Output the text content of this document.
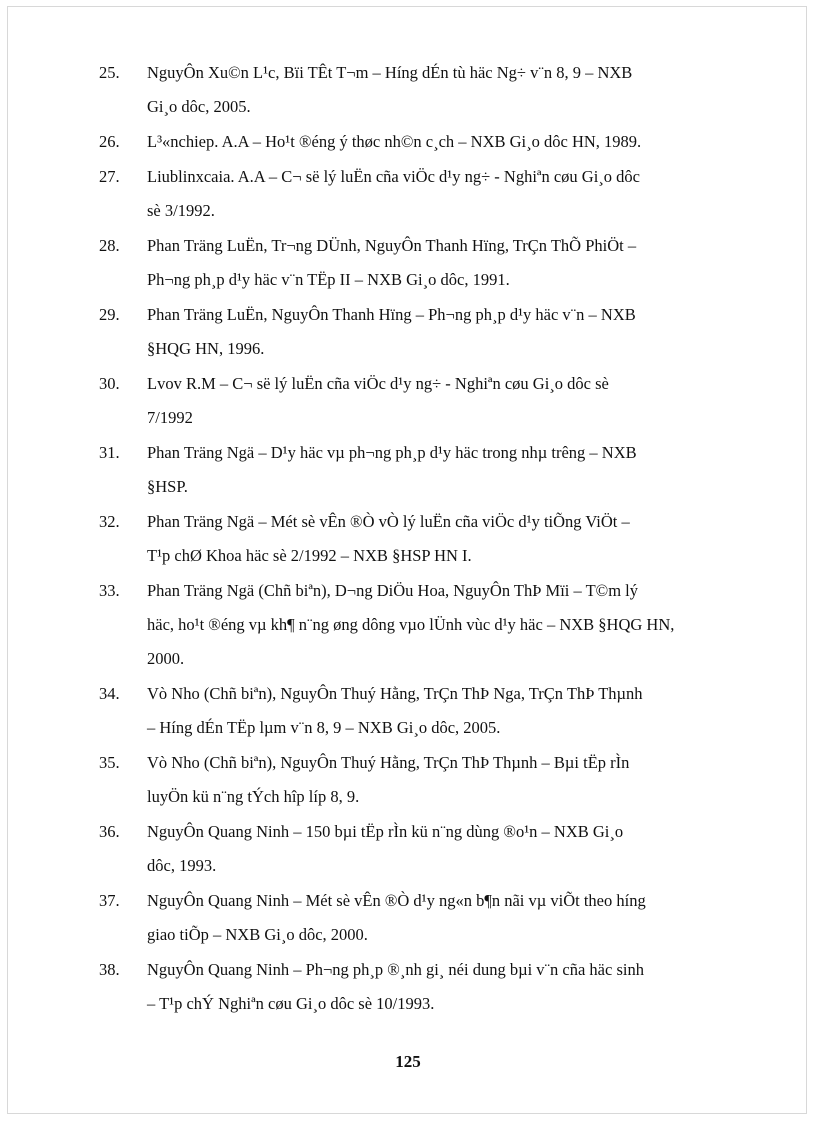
25.	NguyÔn Xu©n L¹c, Bïi TÊt T¬m – Híng dÉn tù häc Ng÷ v¨n 8, 9 – NXB
Gi¸o dôc, 2005.
26.	L³«nchiep. A.A – Ho¹t ®éng ý thøc nh©n c¸ch – NXB Gi¸o dôc HN, 1989.
27.	Liublinxcaia. A.A – C¬ së lý luËn cña viÖc d¹y ng÷ - Nghiªn cøu Gi¸o dôc
sè 3/1992.
28.	Phan Träng LuËn, Tr¬ng DÜnh, NguyÔn Thanh Hïng, TrÇn ThÕ PhiÖt –
Ph¬ng ph¸p d¹y häc v¨n TËp II – NXB Gi¸o dôc, 1991.
29.	Phan Träng LuËn, NguyÔn Thanh Hïng – Ph¬ng ph¸p d¹y häc v¨n – NXB
§HQG HN, 1996.
30.	Lvov R.M – C¬ së lý luËn cña viÖc d¹y ng÷ - Nghiªn cøu Gi¸o dôc sè
7/1992
31.	Phan Träng Ngä – D¹y häc vµ ph¬ng ph¸p d¹y häc trong nhµ trêng – NXB
§HSP.
32.	Phan Träng Ngä – Mét sè vÊn ®Ò vÒ lý luËn cña viÖc d¹y tiÕng ViÖt –
T¹p chØ Khoa häc sè 2/1992 – NXB §HSP HN I.
33.	Phan Träng Ngä (Chñ biªn), D¬ng DiÖu Hoa, NguyÔn ThÞ Mïi – T©m lý
häc, ho¹t ®éng vµ kh¶ n¨ng øng dông vµo lÜnh vùc d¹y häc – NXB §HQG HN,
2000.
34.	Vò Nho (Chñ biªn), NguyÔn Thuý Hằng, TrÇn ThÞ Nga, TrÇn ThÞ Thµnh
– Híng dÉn TËp lµm v¨n 8, 9 – NXB Gi¸o dôc, 2005.
35.	Vò Nho (Chñ biªn), NguyÔn Thuý Hằng, TrÇn ThÞ Thµnh – Bµi tËp rÌn
luyÖn kü n¨ng tÝch hîp líp 8, 9.
36.	NguyÔn Quang Ninh – 150 bµi tËp rÌn kü n¨ng dùng ®o¹n – NXB Gi¸o
dôc, 1993.
37.	NguyÔn Quang Ninh – Mét sè vÊn ®Ò d¹y ng«n b¶n nãi vµ viÕt theo híng
giao tiÕp – NXB Gi¸o dôc, 2000.
38.	NguyÔn Quang Ninh – Ph¬ng ph¸p ®¸nh gi¸ néi dung bµi v¨n cña häc sinh
– T¹p chÝ Nghiªn cøu Gi¸o dôc sè 10/1993.
125
